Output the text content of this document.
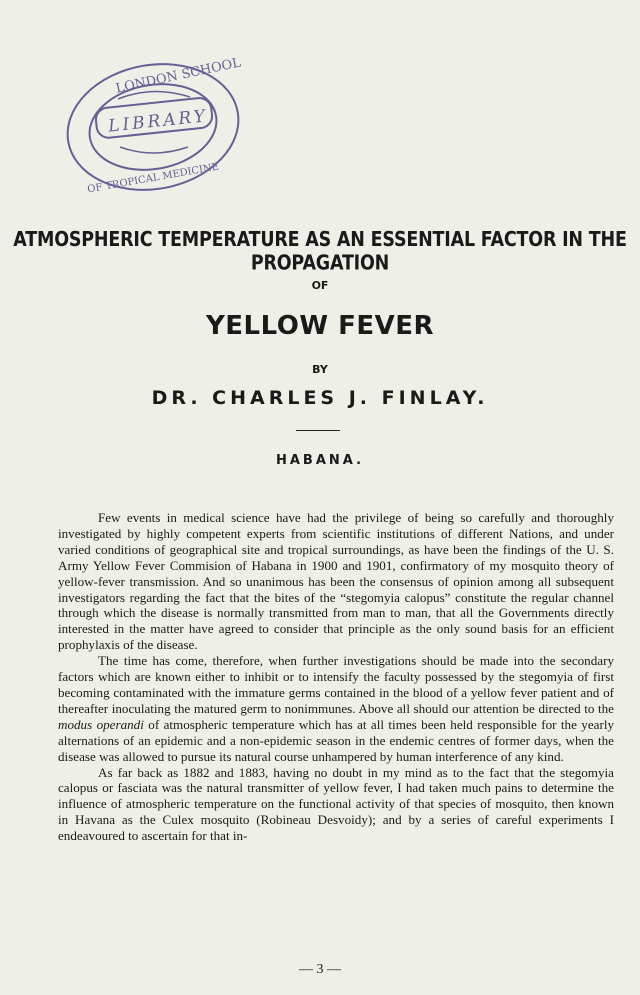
LONDON SCHOOL
LIBRARY
OF TROPICAL MEDICINE
ATMOSPHERIC TEMPERATURE AS AN ESSENTIAL FACTOR IN THE PROPAGATION
OF
YELLOW FEVER
BY
DR. CHARLES J. FINLAY.
HABANA.

Few events in medical science have had the privilege of being so carefully and thoroughly investigated by highly competent experts from scientific institutions of different Nations, and under varied conditions of geographical site and tropical surroundings, as have been the findings of the U. S. Army Yellow Fever Commision of Habana in 1900 and 1901, confirmatory of my mosquito theory of yellow-fever transmission. And so unanimous has been the consensus of opinion among all subsequent investigators regarding the fact that the bites of the “stegomyia calopus” constitute the regular channel through which the disease is normally transmitted from man to man, that all the Governments directly interested in the matter have agreed to consider that principle as the only sound basis for an efficient prophylaxis of the disease.

The time has come, therefore, when further investigations should be made into the secondary factors which are known either to inhibit or to intensify the faculty possessed by the stegomyia of first becoming contaminated with the immature germs contained in the blood of a yellow fever patient and of thereafter inoculating the matured germ to nonimmunes. Above all should our attention be directed to the modus operandi of atmospheric temperature which has at all times been held responsible for the yearly alternations of an epidemic and a non-epidemic season in the endemic centres of former days, when the disease was allowed to pursue its natural course unhampered by human interference of any kind.

As far back as 1882 and 1883, having no doubt in my mind as to the fact that the stegomyia calopus or fasciata was the natural transmitter of yellow fever, I had taken much pains to determine the influence of atmospheric temperature on the functional activity of that species of mosquito, then known in Havana as the Culex mosquito (Robineau Desvoidy); and by a series of careful experiments I endeavoured to ascertain for that in-

— 3 —
